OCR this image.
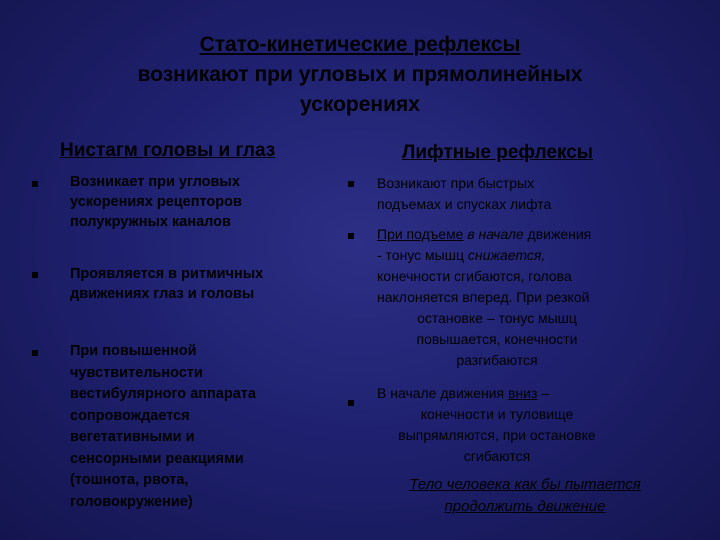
Стато-кинетические рефлексы
возникают при угловых и прямолинейных
ускорениях
Нистагм головы и глаз	Лифтные рефлексы
Возникает при угловых
ускорениях рецепторов
полукружных каналов
Проявляется в ритмичных
движениях глаз и головы
При повышенной
чувствительности
вестибулярного аппарата
сопровождается
вегетативными и
сенсорными реакциями
(тошнота, рвота,
головокружение)
Возникают при быстрых
подъемах и спусках лифта
При подъеме в начале движения
- тонус мышц снижается,
конечности сгибаются, голова
наклоняется вперед. При резкой
остановке – тонус мышц
повышается, конечности
разгибаются
В начале движения вниз –
конечности и туловище
выпрямляются, при остановке
сгибаются
Тело человека как бы пытается
продолжить движение
